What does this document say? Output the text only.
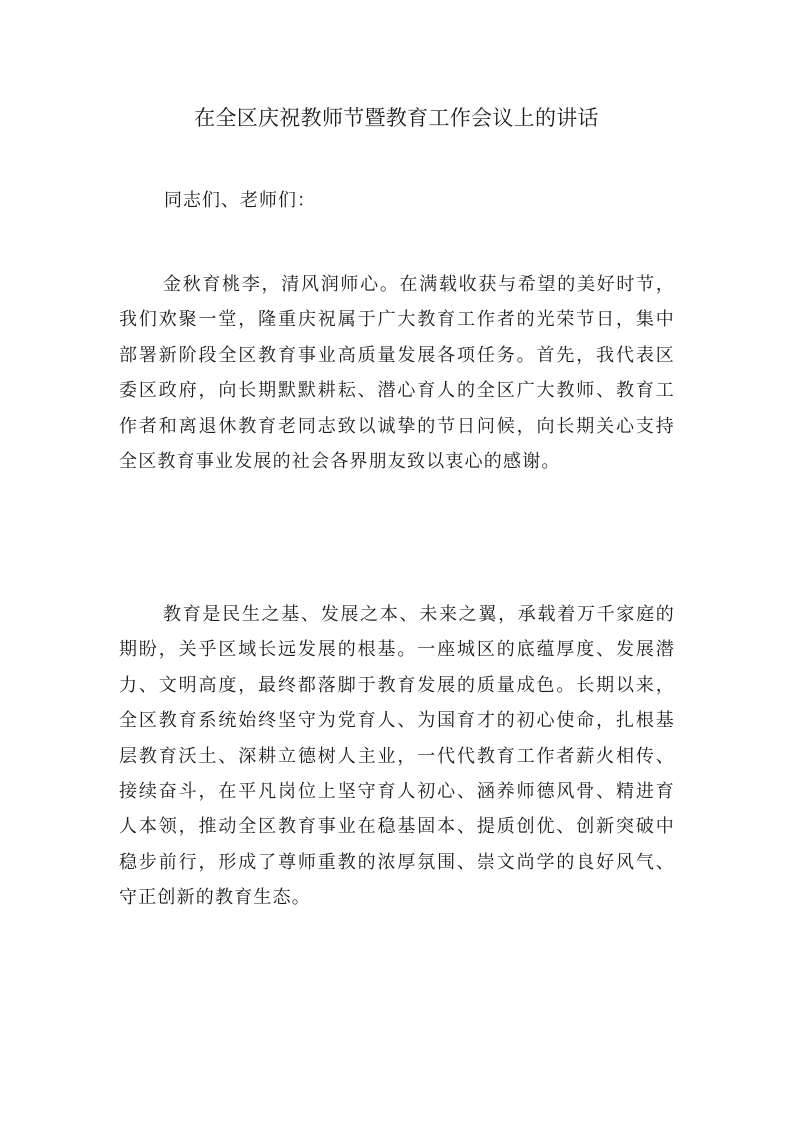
在全区庆祝教师节暨教育工作会议上的讲话

同志们、老师们：

金秋育桃李，清风润师心。在满载收获与希望的美好时节，我们欢聚一堂，隆重庆祝属于广大教育工作者的光荣节日，集中部署新阶段全区教育事业高质量发展各项任务。首先，我代表区委区政府，向长期默默耕耘、潜心育人的全区广大教师、教育工作者和离退休教育老同志致以诚挚的节日问候，向长期关心支持全区教育事业发展的社会各界朋友致以衷心的感谢。

教育是民生之基、发展之本、未来之翼，承载着万千家庭的期盼，关乎区域长远发展的根基。一座城区的底蕴厚度、发展潜力、文明高度，最终都落脚于教育发展的质量成色。长期以来，全区教育系统始终坚守为党育人、为国育才的初心使命，扎根基层教育沃土、深耕立德树人主业，一代代教育工作者薪火相传、接续奋斗，在平凡岗位上坚守育人初心、涵养师德风骨、精进育人本领，推动全区教育事业在稳基固本、提质创优、创新突破中稳步前行，形成了尊师重教的浓厚氛围、崇文尚学的良好风气、守正创新的教育生态。
